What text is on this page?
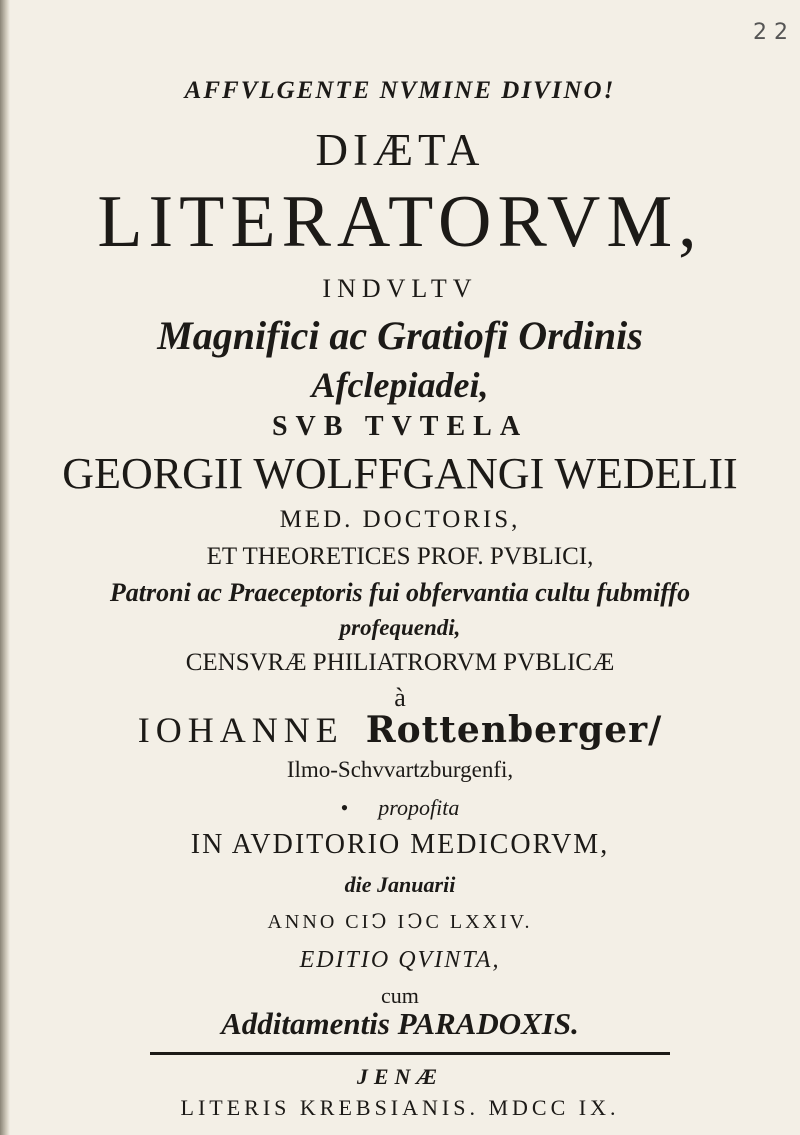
2 2
AFFVLGENTE NVMINE DIVINO!
DIÆTA
LITERATORVM,
INDVLTV
Magnifici ac Gratiofi Ordinis
Afclepiadei,
SVB TVTELA
GEORGII WOLFFGANGI WEDELII
MED. DOCTORIS,
ET THEORETICES PROF. PVBLICI,
Patroni ac Praeceptoris fui obfervantia cultu fubmiffo
profequendi,
CENSVRÆ PHILIATRORVM PVBLICÆ
à
IOHANNE Rottenberger/
Ilmo-Schvvartzburgenfi,
• propofita
IN AVDITORIO MEDICORVM,
die Januarii
ANNO CIↃ IↃC LXXIV.
EDITIO QVINTA,
cum
Additamentis PARADOXIS.
JENÆ
LITERIS KREBSIANIS. MDCC IX.
